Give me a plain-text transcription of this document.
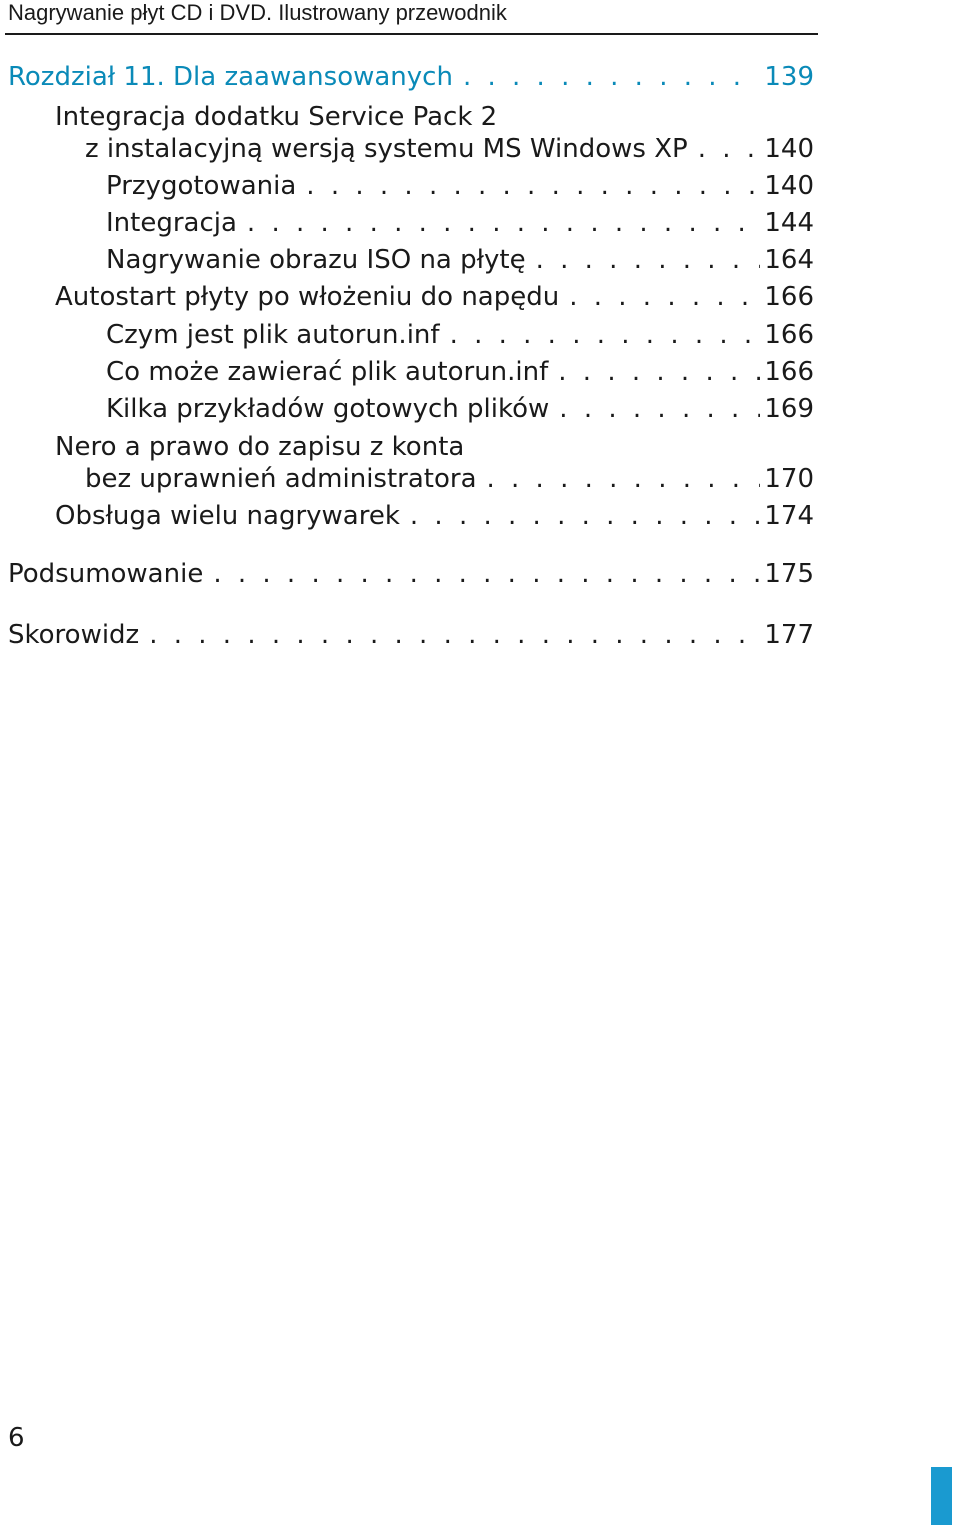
Nagrywanie płyt CD i DVD. Ilustrowany przewodnik
Rozdział 11. Dla zaawansowanych . . .	139
Integracja dodatku Service Pack 2
z instalacyjną wersją systemu MS Windows XP . . .	140
Przygotowania . . .	140
Integracja . . .	144
Nagrywanie obrazu ISO na płytę . . .	164
Autostart płyty po włożeniu do napędu . . .	166
Czym jest plik autorun.inf . . .	166
Co może zawierać plik autorun.inf . . .	166
Kilka przykładów gotowych plików . . .	169
Nero a prawo do zapisu z konta
bez uprawnień administratora . . .	170
Obsługa wielu nagrywarek . . .	174
Podsumowanie . . .	175
Skorowidz . . .	177
6
